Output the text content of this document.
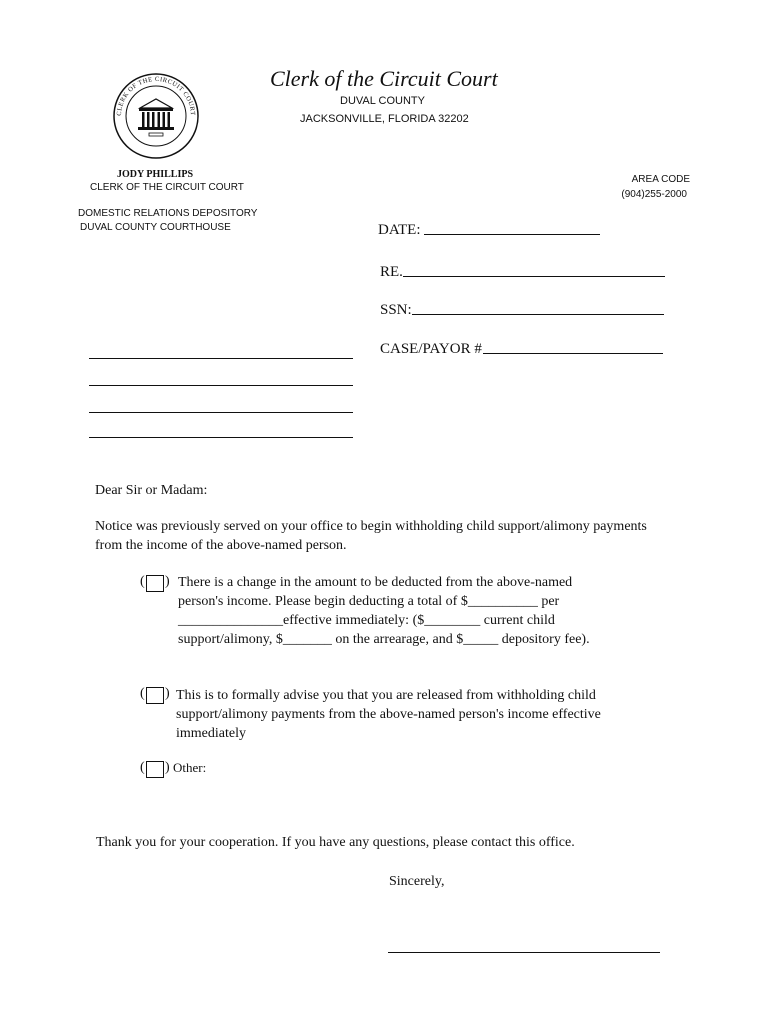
CLERK OF THE CIRCUIT COURT
Clerk of the Circuit Court
DUVAL COUNTY
JACKSONVILLE, FLORIDA 32202
JODY PHILLIPS
CLERK OF THE CIRCUIT COURT
DOMESTIC RELATIONS DEPOSITORY
DUVAL COUNTY COURTHOUSE
AREA CODE
(904)255-2000
DATE:
RE.
SSN:
CASE/PAYOR #
Dear Sir or Madam:
Notice was previously served on your office to begin withholding child support/alimony payments from the income of the above-named person.
( ) There is a change in the amount to be deducted from the above-named person's income. Please begin deducting a total of $__________ per _______________effective immediately: ($________ current child support/alimony, $_______ on the arrearage, and $_____ depository fee).
( ) This is to formally advise you that you are released from withholding child support/alimony payments from the above-named person's income effective immediately
( ) Other:
Thank you for your cooperation. If you have any questions, please contact this office.
Sincerely,
